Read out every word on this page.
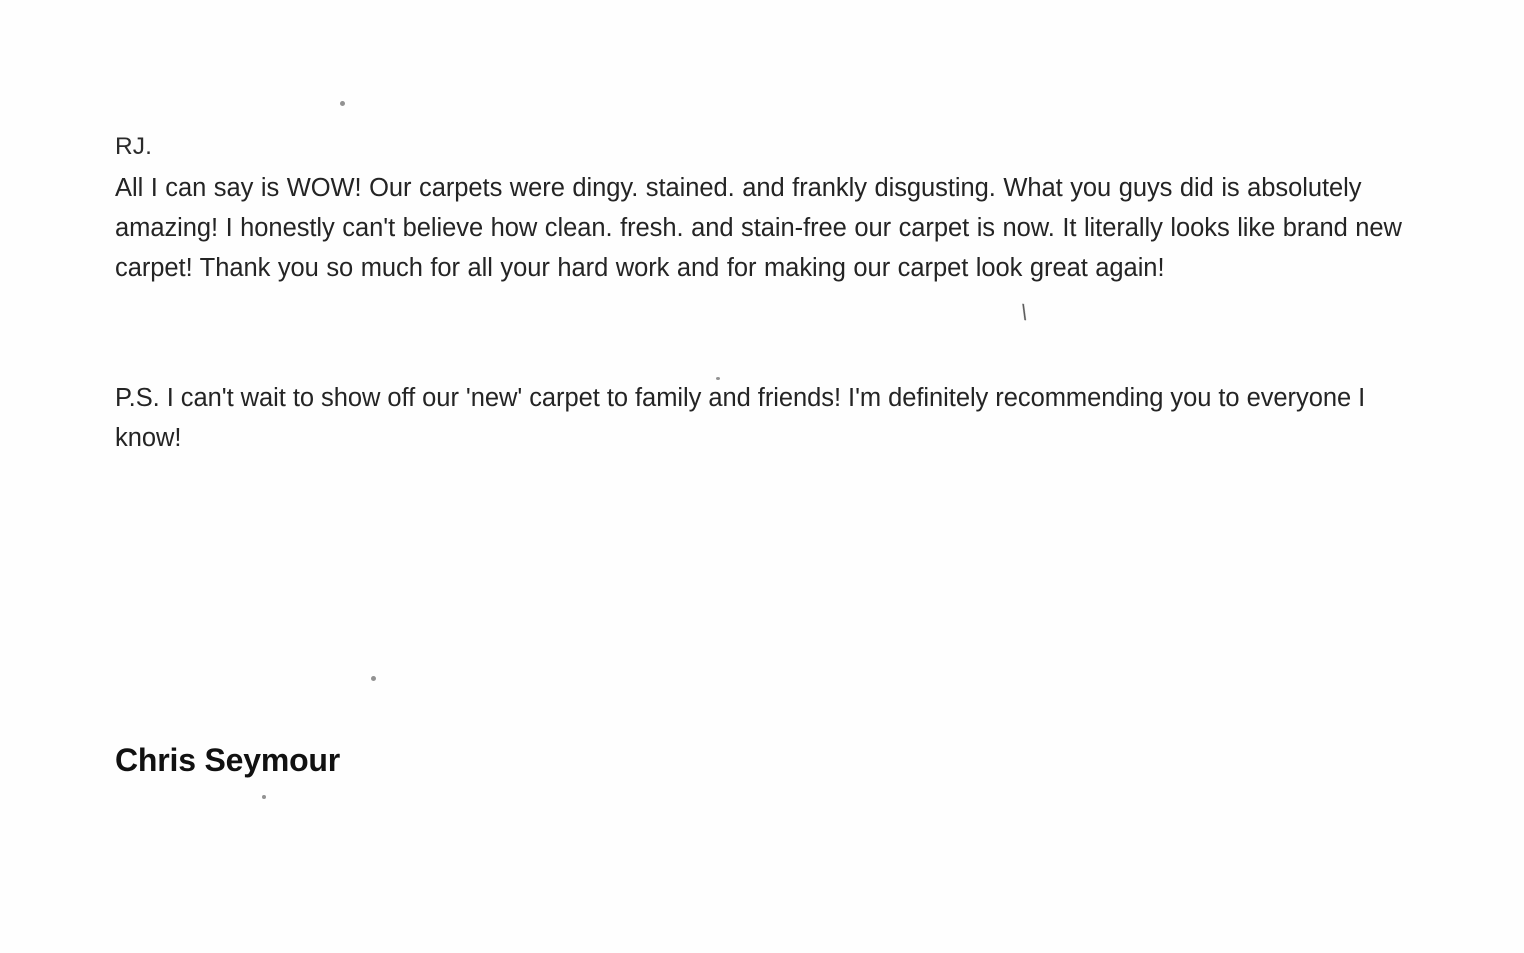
RJ.
All I can say is WOW! Our carpets were dingy. stained. and frankly disgusting. What you guys did is absolutely amazing! I honestly can't believe how clean. fresh. and stain-free our carpet is now. It literally looks like brand new carpet! Thank you so much for all your hard work and for making our carpet look great again!
\
P.S. I can't wait to show off our 'new' carpet to family and friends! I'm definitely recommending you to everyone I know!
Chris Seymour
